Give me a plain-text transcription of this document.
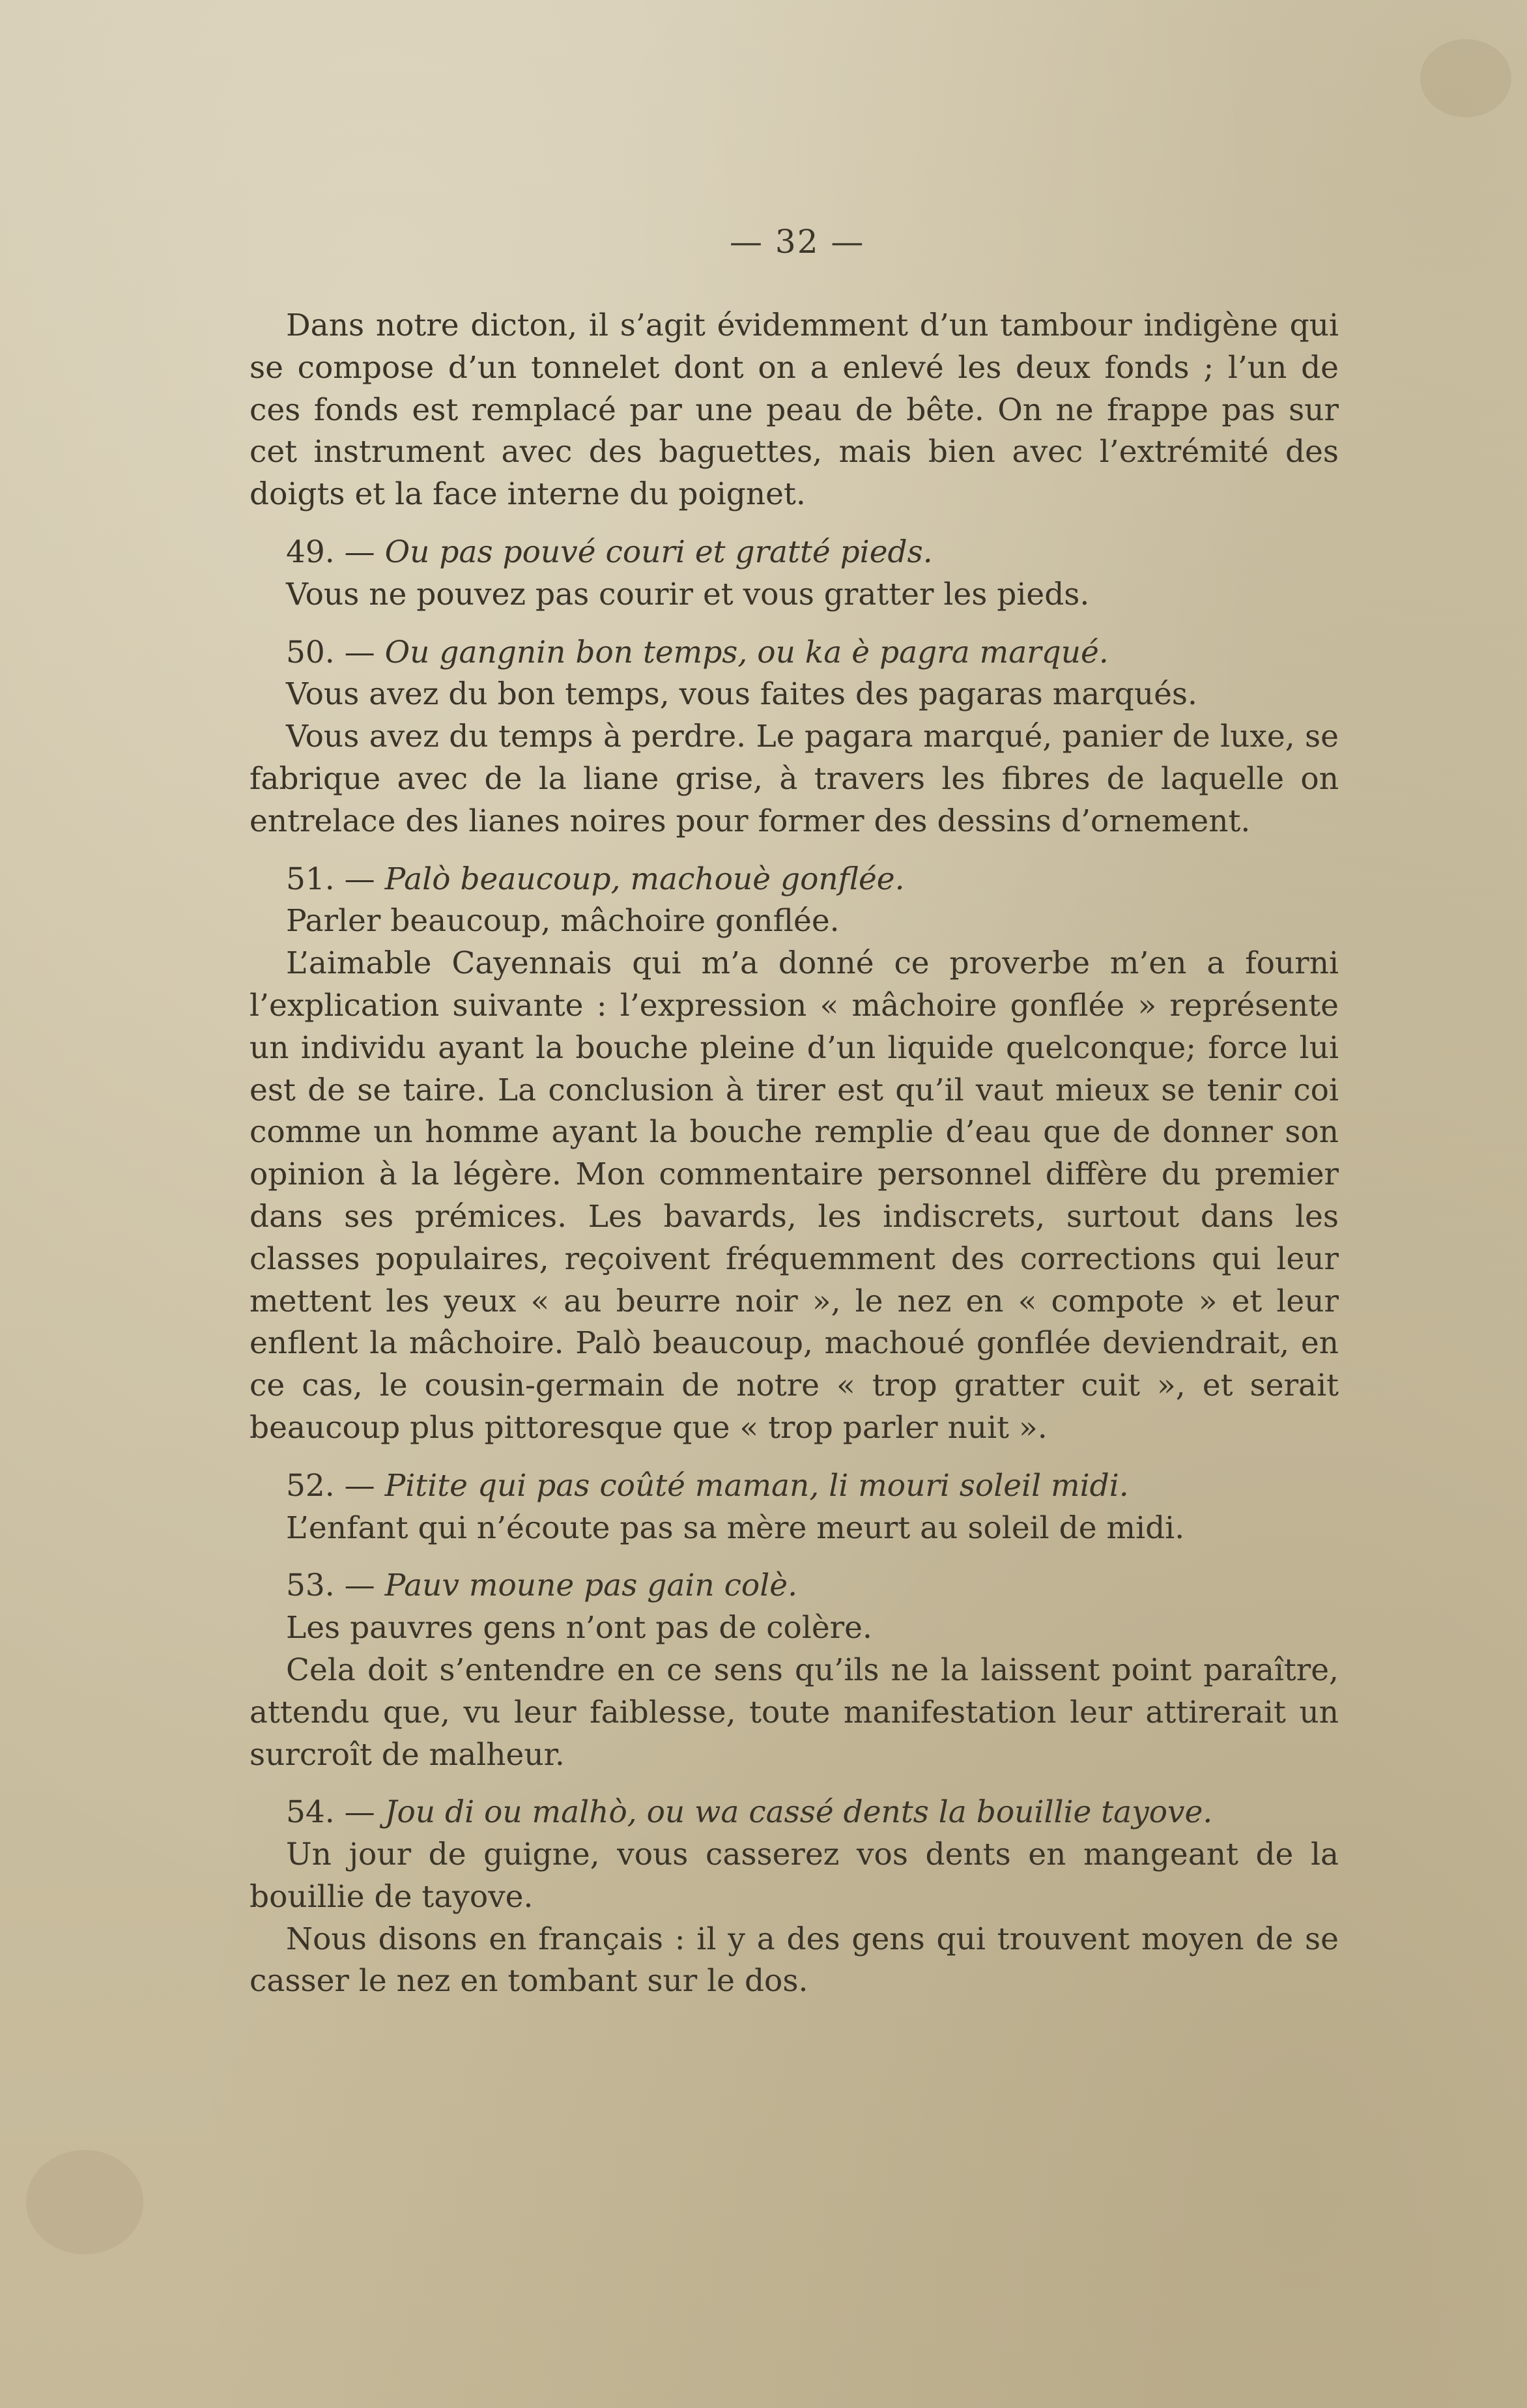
— 32 —

Dans notre dicton, il s’agit évidemment d’un tambour indigène qui se compose d’un tonnelet dont on a enlevé les deux fonds ; l’un de ces fonds est remplacé par une peau de bête. On ne frappe pas sur cet instrument avec des baguettes, mais bien avec l’extrémité des doigts et la face interne du poignet.

49. — Ou pas pouvé couri et gratté pieds.

Vous ne pouvez pas courir et vous gratter les pieds.

50. — Ou gangnin bon temps, ou ka è pagra marqué.

Vous avez du bon temps, vous faites des pagaras marqués.

Vous avez du temps à perdre. Le pagara marqué, panier de luxe, se fabrique avec de la liane grise, à travers les fibres de laquelle on entrelace des lianes noires pour former des dessins d’ornement.

51. — Palò beaucoup, machouè gonflée.

Parler beaucoup, mâchoire gonflée.

L’aimable Cayennais qui m’a donné ce proverbe m’en a fourni l’explication suivante : l’expression « mâchoire gonflée » représente un individu ayant la bouche pleine d’un liquide quelconque; force lui est de se taire. La conclusion à tirer est qu’il vaut mieux se tenir coi comme un homme ayant la bouche remplie d’eau que de donner son opinion à la légère. Mon commentaire personnel diffère du premier dans ses prémices. Les bavards, les indiscrets, surtout dans les classes populaires, reçoivent fréquemment des corrections qui leur mettent les yeux « au beurre noir », le nez en « compote » et leur enflent la mâchoire. Palò beaucoup, machoué gonflée deviendrait, en ce cas, le cousin-germain de notre « trop gratter cuit », et serait beaucoup plus pittoresque que « trop parler nuit ».

52. — Pitite qui pas coûté maman, li mouri soleil midi.

L’enfant qui n’écoute pas sa mère meurt au soleil de midi.

53. — Pauv moune pas gain colè.

Les pauvres gens n’ont pas de colère.

Cela doit s’entendre en ce sens qu’ils ne la laissent point paraître, attendu que, vu leur faiblesse, toute manifestation leur attirerait un surcroît de malheur.

54. — Jou di ou malhò, ou wa cassé dents la bouillie tayove.

Un jour de guigne, vous casserez vos dents en mangeant de la bouillie de tayove.

Nous disons en français : il y a des gens qui trouvent moyen de se casser le nez en tombant sur le dos.
